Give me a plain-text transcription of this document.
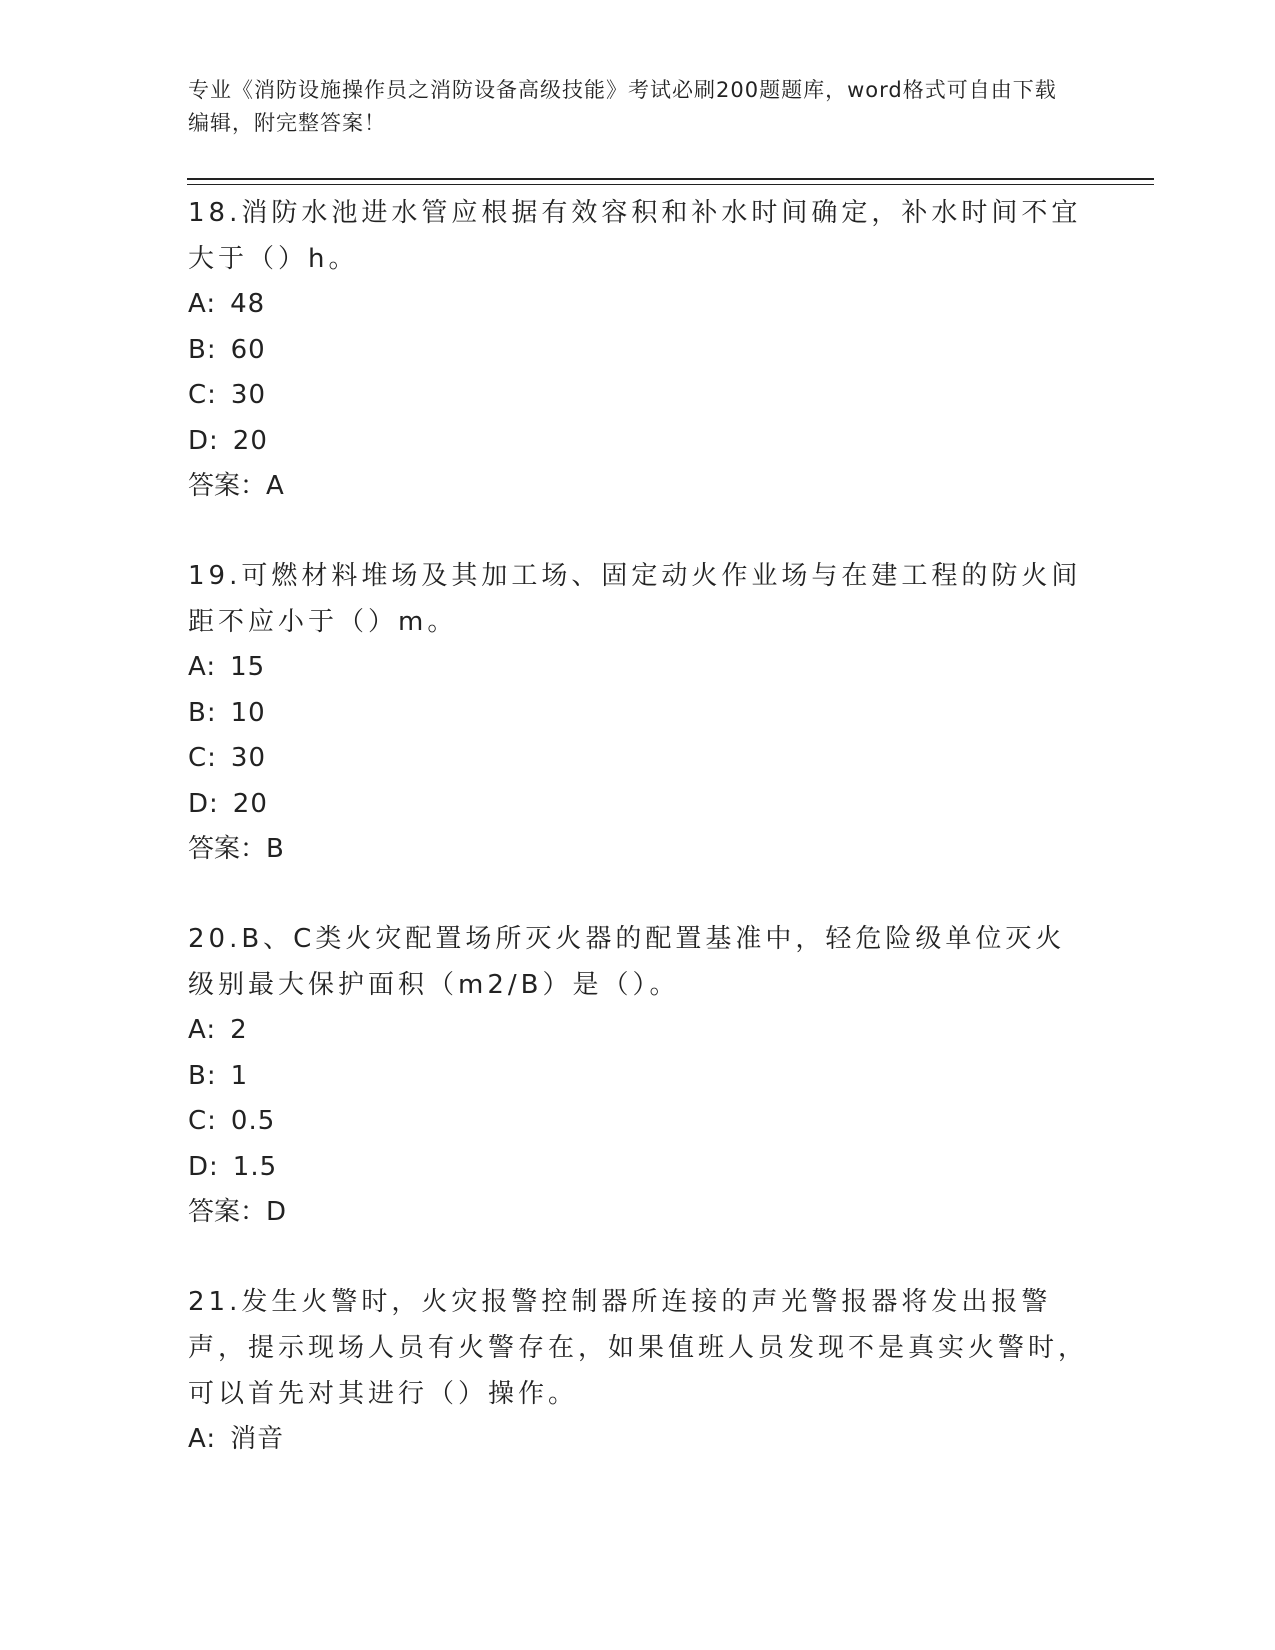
专业《消防设施操作员之消防设备高级技能》考试必刷200题题库，word格式可自由下载编辑，附完整答案！

18.消防水池进水管应根据有效容积和补水时间确定，补水时间不宜大于（）h。

A: 48

B: 60

C: 30

D: 20

答案：A

19.可燃材料堆场及其加工场、固定动火作业场与在建工程的防火间距不应小于（）m。

A: 15

B: 10

C: 30

D: 20

答案：B

20.B、C类火灾配置场所灭火器的配置基准中，轻危险级单位灭火级别最大保护面积（m2/B）是（）。

A: 2

B: 1

C: 0.5

D: 1.5

答案：D

21.发生火警时，火灾报警控制器所连接的声光警报器将发出报警声，提示现场人员有火警存在，如果值班人员发现不是真实火警时，可以首先对其进行（）操作。

A: 消音
